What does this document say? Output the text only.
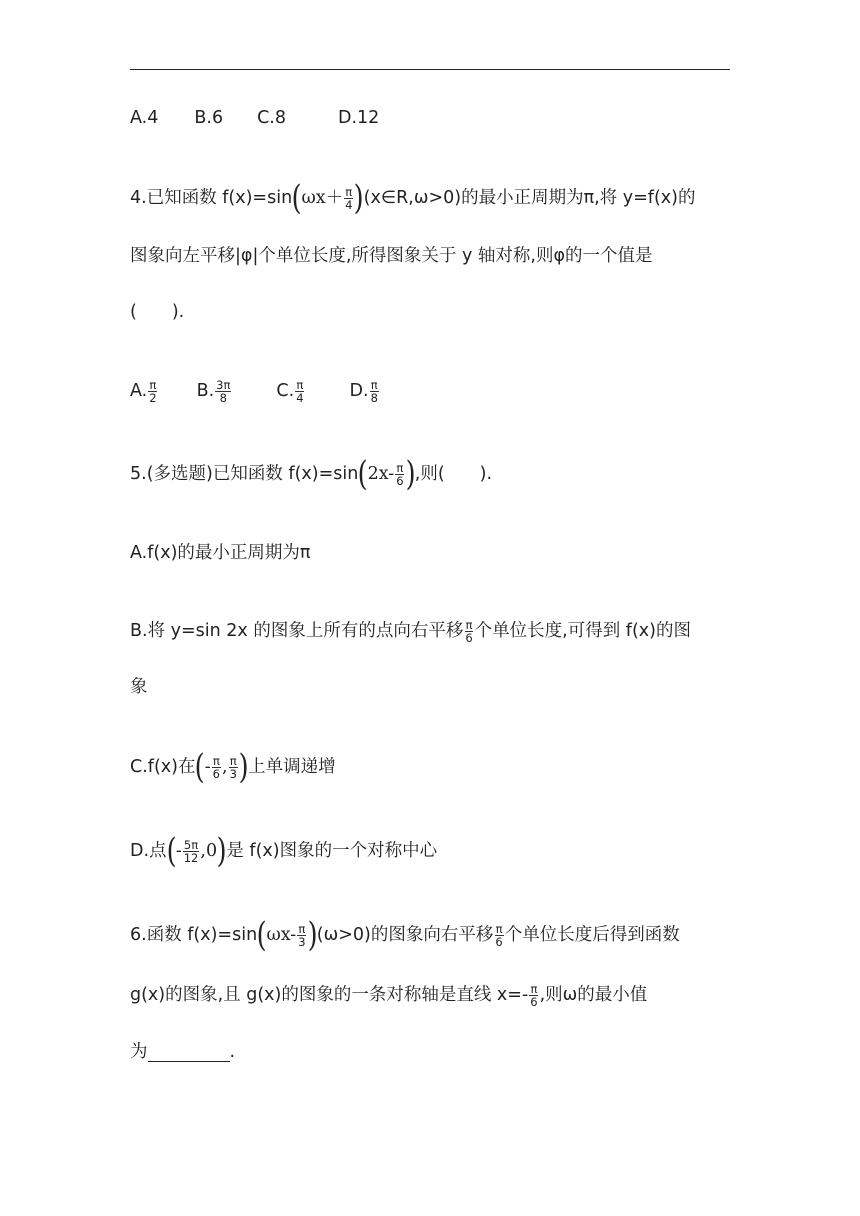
A.4 B.6 C.8	D.12
4.已知函数 f(x)=sin ( $\omega x+ \frac{\pi}{4}$ ) (x∈R,ω>0)的最小正周期为π,将 y=f(x)的
图象向左平移|φ|个单位长度,所得图象关于 y 轴对称,则φ的一个值是
(　　).
A. $\frac{\pi}{2} B$. $\frac{3\pi}{8}$	C. $\frac{\pi}{4}$	D. $\frac{\pi}{8}$
5.(多选题)已知函数 f(x)=sin ( $2x- \frac{\pi}{6}$ ) ,则(　　).
A.f(x)的最小正周期为π
B.将 y=sin 2x 的图象上所有的点向右平移 $\frac{\pi}{6}$ 个单位长度,可得到 f(x)的图
象
C.f(x)在 ( - $\frac{\pi}{6}$ , $\frac{\pi}{3}$ ) 上单调递增
D.点 ( - $\frac{5\pi}{12}$ , 0 ) 是 f(x)图象的一个对称中心
6.函数 f(x)=sin ( $\omega x- \frac{\pi}{3}$ ) (ω>0)的图象向右平移 $\frac{\pi}{6}$ 个单位长度后得到函数
g(x)的图象,且 g(x)的图象的一条对称轴是直线 $x=- \frac{\pi}{6}$ ,则ω的最小值
为	.
